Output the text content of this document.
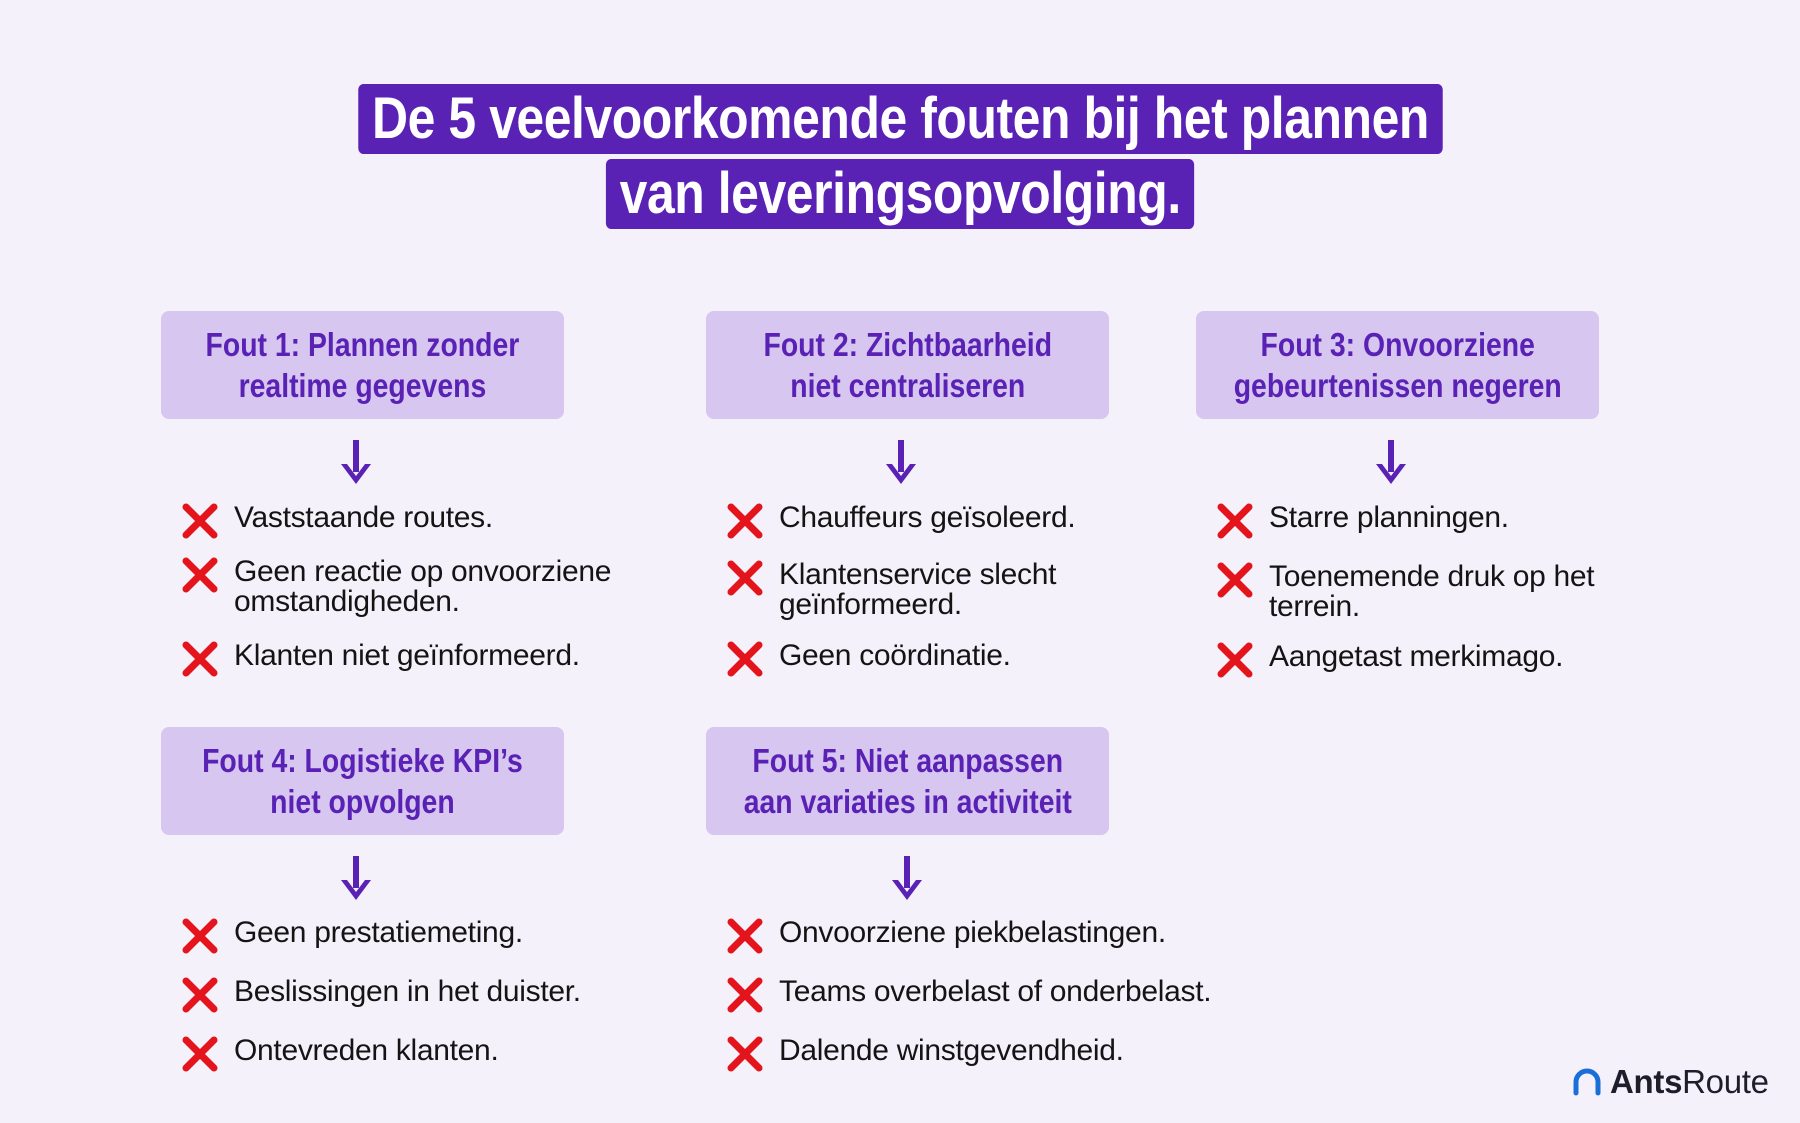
De 5 veelvoorkomende fouten bij het plannen
van leveringsopvolging.
Fout 1: Plannen zonder
realtime gegevens
Vaststaande routes.
Geen reactie op onvoorziene
omstandigheden.
Klanten niet geïnformeerd.
Fout 2: Zichtbaarheid
niet centraliseren
Chauffeurs geïsoleerd.
Klantenservice slecht
geïnformeerd.
Geen coördinatie.
Fout 3: Onvoorziene
gebeurtenissen negeren
Starre planningen.
Toenemende druk op het
terrein.
Aangetast merkimago.
Fout 4: Logistieke KPI’s
niet opvolgen
Geen prestatiemeting.
Beslissingen in het duister.
Ontevreden klanten.
Fout 5: Niet aanpassen
aan variaties in activiteit
Onvoorziene piekbelastingen.
Teams overbelast of onderbelast.
Dalende winstgevendheid.
AntsRoute
